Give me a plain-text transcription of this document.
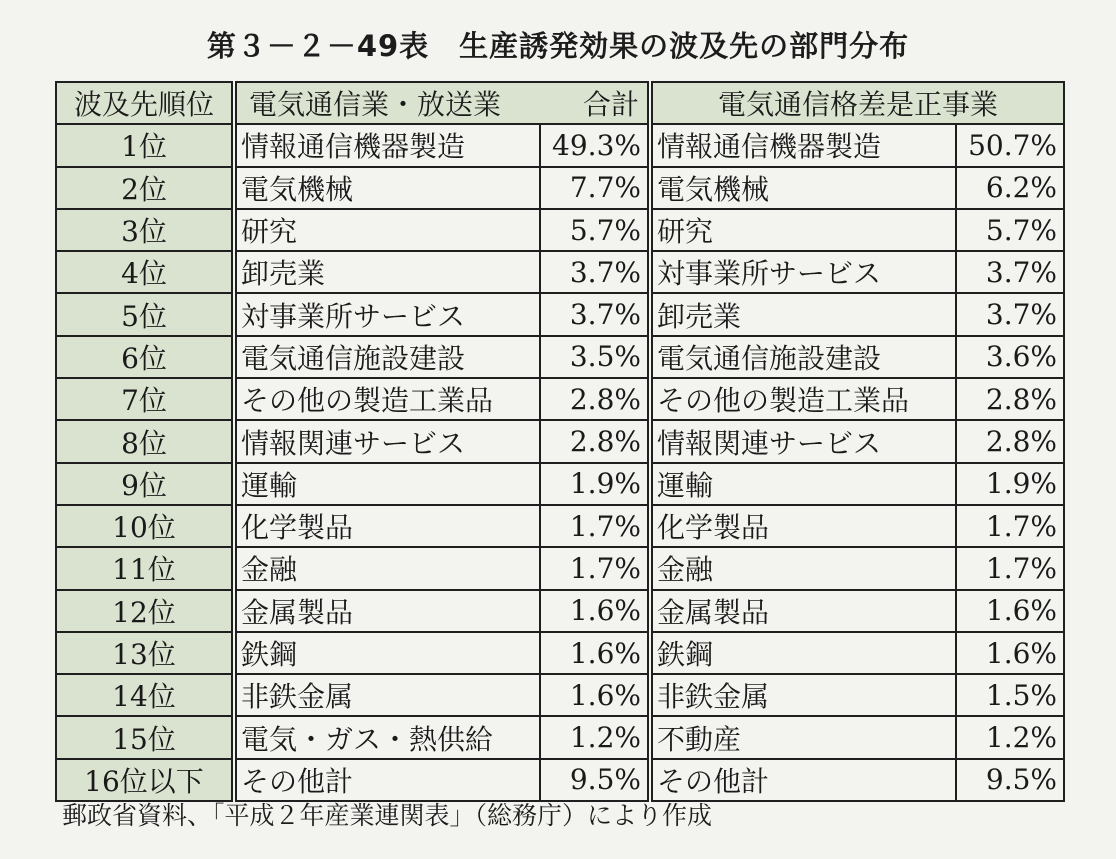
第３－２－49表　生産誘発効果の波及先の部門分布
波及先順位	電気通信業・放送業	合計	電気通信格差是正事業	
1位	情報通信機器製造	49.3%	情報通信機器製造	50.7%
2位	電気機械	7.7%	電気機械	6.2%
3位	研究	5.7%	研究	5.7%
4位	卸売業	3.7%	対事業所サービス	3.7%
5位	対事業所サービス	3.7%	卸売業	3.7%
6位	電気通信施設建設	3.5%	電気通信施設建設	3.6%
7位	その他の製造工業品	2.8%	その他の製造工業品	2.8%
8位	情報関連サービス	2.8%	情報関連サービス	2.8%
9位	運輸	1.9%	運輸	1.9%
10位	化学製品	1.7%	化学製品	1.7%
11位	金融	1.7%	金融	1.7%
12位	金属製品	1.6%	金属製品	1.6%
13位	鉄鋼	1.6%	鉄鋼	1.6%
14位	非鉄金属	1.6%	非鉄金属	1.5%
15位	電気・ガス・熱供給	1.2%	不動産	1.2%
16位以下	その他計	9.5%	その他計	9.5%
郵政省資料、「平成２年産業連関表」（総務庁）により作成
